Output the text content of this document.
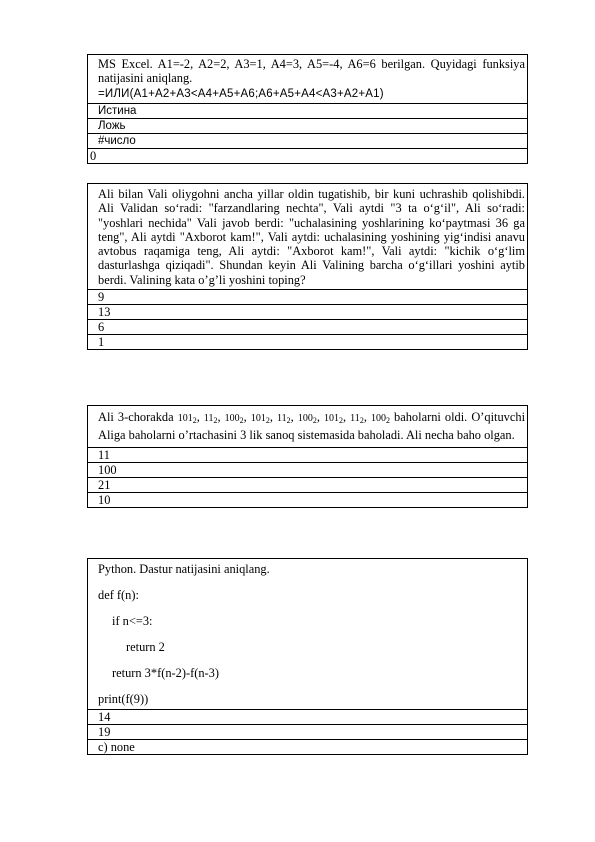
MS Excel. A1=-2, A2=2, A3=1, A4=3, A5=-4, A6=6 berilgan. Quyidagi funksiya natijasini aniqlang.
=ИЛИ(A1+A2+A3<A4+A5+A6;A6+A5+A4<A3+A2+A1)
Истина
Ложь
#число
0
Ali bilan Vali oliygohni ancha yillar oldin tugatishib, bir kuni uchrashib qolishibdi. Ali Validan so‘radi: "farzandlaring nechta", Vali aytdi "3 ta o‘g‘il", Ali so‘radi: "yoshlari nechida" Vali javob berdi: "uchalasining yoshlarining ko‘paytmasi 36 ga teng", Ali aytdi "Axborot kam!", Vali aytdi: uchalasining yoshining yig‘indisi anavu avtobus raqamiga teng, Ali aytdi: "Axborot kam!", Vali aytdi: "kichik o‘g‘lim dasturlashga qiziqadi". Shundan keyin Ali Valining barcha o‘g‘illari yoshini aytib berdi. Valining kata o’g’li yoshini toping?
9
13
6
1
Ali 3-chorakda $101_2$, $11_2$, $100_2$, $101_2$, $11_2$, $100_2$, $101_2$, $11_2$, $100_2$ baholarni oldi. O’qituvchi Aliga baholarni o’rtachasini 3 lik sanoq sistemasida baholadi. Ali necha baho olgan.
11
100
21
10

Python. Dastur natijasini aniqlang.

def f(n):

if n<=3:

return 2

return 3*f(n-2)-f(n-3)

print(f(9))

14
19
c) none
